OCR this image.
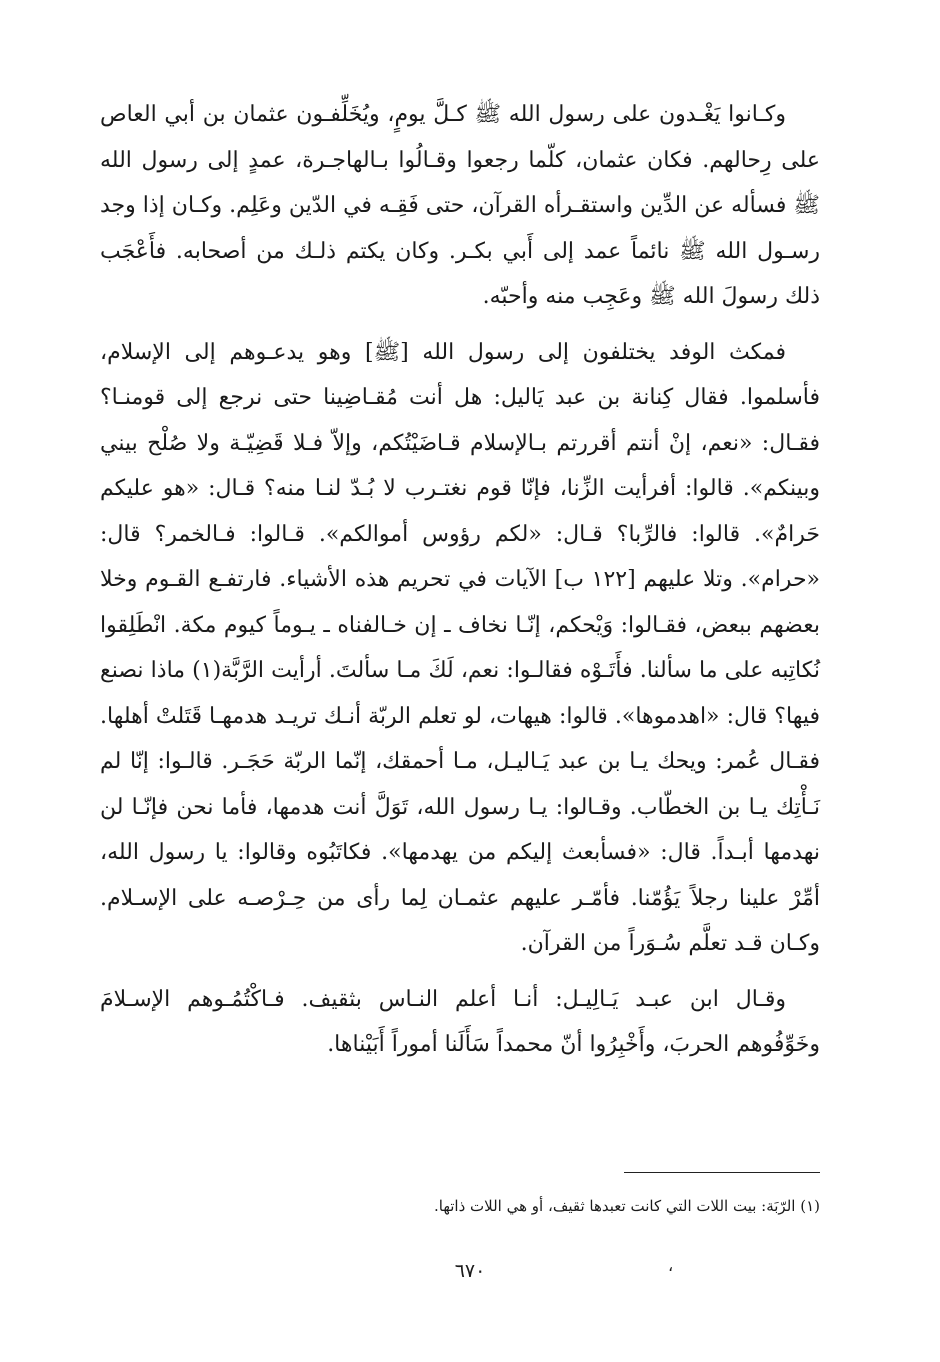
وكـانوا يَغْـدون على رسول الله ﷺ كـلَّ يومٍ، ويُخَلِّفـون عثمان بن أبي العاص على رِحالهم. فكان عثمان، كلّما رجعوا وقـالُوا بـالهاجـرة، عمدٍ إلى رسول الله ﷺ فسأله عن الدِّين واستقـرأه القرآن، حتى فَقِـه في الدّين وعَلِم. وكـان إذا وجد رسـول الله ﷺ نائماً عمد إلى أَبي بكـر. وكان يكتم ذلـك من أصحابه. فأَعْجَب ذلك رسولَ الله ﷺ وعَجِب منه وأحبّه.

فمكث الوفد يختلفون إلى رسول الله [ﷺ] وهو يدعـوهم إلى الإسلام، فأسلموا. فقال كِنانة بن عبد يَاليل: هل أنت مُقـاضِينا حتى نرجع إلى قومنـا؟ فقـال: «نعم، إنْ أنتم أقررتم بـالإسلام قـاضَيْتُكم، وإلاّ فـلا قَضِيّـة ولا صُلْح بيني وبينكم». قالوا: أفرأيت الزِّنا، فإنّا قوم نغتـرب لا بُـدّ لنـا منه؟ قـال: «هو عليكم حَرامٌ». قالوا: فالرِّبا؟ قـال: «لكم رؤوس أموالكم». قـالوا: فـالخمر؟ قال: «حرام». وتلا عليهم [١٢٢ ب] الآيات في تحريم هذه الأشياء. فارتفـع القـوم وخلا بعضهم ببعض، فقـالوا: وَيْحكم، إنّـا نخاف ـ إن خـالفناه ـ يـوماً كيوم مكة. انْطَلِقوا نُكاتِبه على ما سألنا. فأَتَـوْه فقالـوا: نعم، لَكَ مـا سألتَ. أرأيت الرَّبَّة(١) ماذا نصنع فيها؟ قال: «اهدموها». قالوا: هيهات، لو تعلم الربّة أنـك تريـد هدمهـا قَتَلتْ أهلها. فقـال عُمر: ويحك يـا بن عبد يَـاليـل، مـا أحمقك، إنّما الربّة حَجَـر. قالـوا: إنّا لم نَـأْتِك يـا بن الخطّاب. وقـالوا: يـا رسول الله، تَوَلَّ أنت هدمها، فأما نحن فإنّـا لن نهدمها أبـداً. قال: «فسأبعث إليكم من يهدمها». فكاتَبُوه وقالوا: يا رسول الله، أمِّرْ علينا رجلاً يَؤُمّنا. فأمّـر عليهم عثمـان لِما رأى من حِـرْصـه على الإسـلام. وكـان قـد تعلَّم سُـوَراً من القرآن.

وقـال ابن عبـد يَـالِيـل: أنـا أعلم النـاس بثقيف. فـاكْتُمُـوهم الإسـلامَ وخَوِّفُوهم الحربَ، وأَخْبِرُوا أنّ محمداً سَأَلَنا أموراً أَبَيْناها.

(١) الرّبَة: بيت اللات التي كانت تعبدها ثقيف، أو هي اللات ذاتها.
،
٦٧٠
